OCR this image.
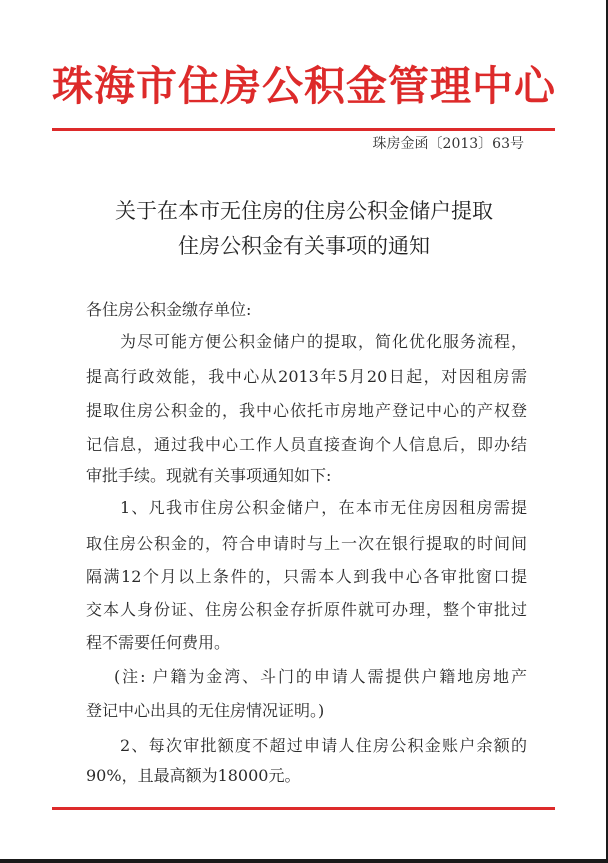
珠海市住房公积金管理中心
珠房金函〔2013〕63号
关于在本市无住房的住房公积金储户提取
住房公积金有关事项的通知
各住房公积金缴存单位:
为尽可能方便公积金储户的提取，简化优化服务流程，
提高行政效能，我中心从2013年5月20日起，对因租房需
提取住房公积金的，我中心依托市房地产登记中心的产权登
记信息，通过我中心工作人员直接查询个人信息后，即办结
审批手续。现就有关事项通知如下:
1、凡我市住房公积金储户，在本市无住房因租房需提
取住房公积金的，符合申请时与上一次在银行提取的时间间
隔满12个月以上条件的，只需本人到我中心各审批窗口提
交本人身份证、住房公积金存折原件就可办理，整个审批过
程不需要任何费用。
(注: 户籍为金湾、斗门的申请人需提供户籍地房地产
登记中心出具的无住房情况证明。)
2、每次审批额度不超过申请人住房公积金账户余额的
90%，且最高额为18000元。
